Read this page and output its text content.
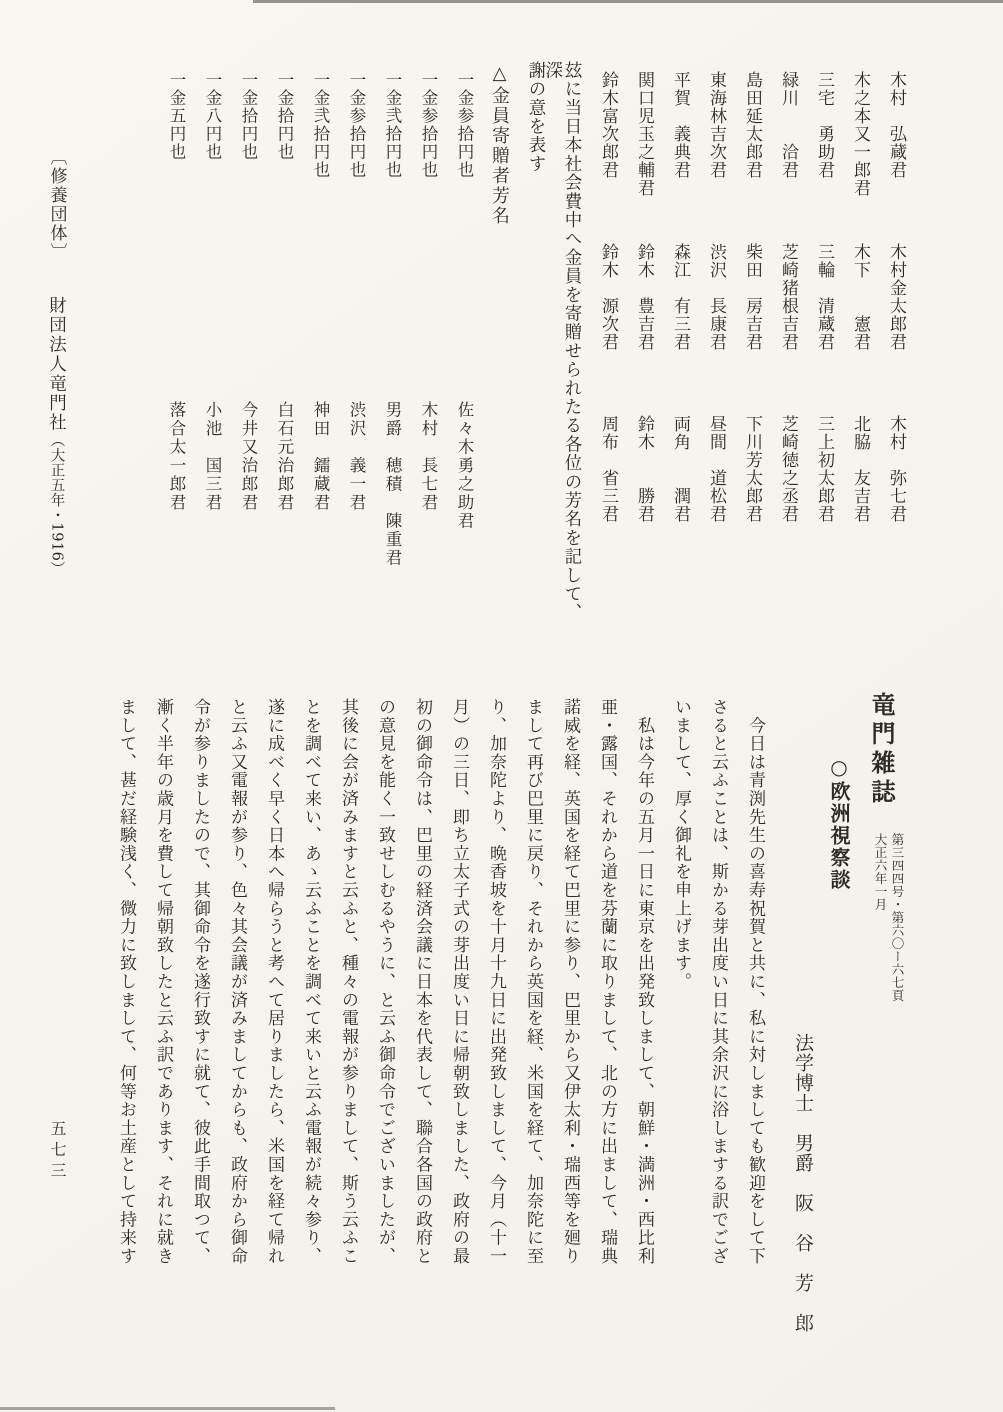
木村　弘蔵君木村金太郎君木村　弥七君
木之本又一郎君木下　　憲君北脇　友吉君
三宅　勇助君三輪　清蔵君三上初太郎君
緑川　　洽君芝崎猪根吉君芝崎徳之丞君
島田延太郎君柴田　房吉君下川芳太郎君
東海林吉次君渋沢　長康君昼間　道松君
平賀　義典君森江　有三君両角　　潤君
関口児玉之輔君鈴木　豊吉君鈴木　　勝君
鈴木富次郎君鈴木　源次君周布　省三君
玆に当日本社会費中へ金員を寄贈せられたる各位の芳名を記して、深
謝の意を表す
△金員寄贈者芳名
一金参拾円也佐々木勇之助君
一金参拾円也木村　長七君
一金弐拾円也男爵　穂積　陳重君
一金参拾円也渋沢　義一君
一金弐拾円也神田　鐳蔵君
一金拾円也白石元治郎君
一金拾円也今井又治郎君
一金八円也小池　国三君
一金五円也落合太一郎君
〔修養団体〕財団法人竜門社（大正五年・1916）
竜門雑誌
第三四四号・第六〇ー六七頁
大正六年一月
○欧洲視察談
法学博士　男爵　阪　谷　芳　郎
　今日は青渕先生の喜寿祝賀と共に、私に対しましても歓迎をして下
さると云ふことは、斯かる芽出度い日に其余沢に浴しまする訳でござ
いまして、厚く御礼を申上げます。
　私は今年の五月一日に東京を出発致しまして、朝鮮・満洲・西比利
亜・露国、それから道を芬蘭に取りまして、北の方に出まして、瑞典
諾威を経、英国を経て巴里に参り、巴里から又伊太利・瑞西等を廻り
まして再び巴里に戻り、それから英国を経、米国を経て、加奈陀に至
り、加奈陀より、晩香坡を十月十九日に出発致しまして、今月（十一
月）の三日、即ち立太子式の芽出度い日に帰朝致しました、政府の最
初の御命令は、巴里の経済会議に日本を代表して、聯合各国の政府と
の意見を能く一致せしむるやうに、と云ふ御命令でございましたが、
其後に会が済みますと云ふと、種々の電報が参りまして、斯う云ふこ
とを調べて来い、あゝ云ふことを調べて来いと云ふ電報が続々参り、
遂に成べく早く日本へ帰らうと考へて居りましたら、米国を経て帰れ
と云ふ又電報が参り、色々其会議が済みましてからも、政府から御命
令が参りましたので、其御命令を遂行致すに就て、彼此手間取つて、
漸く半年の歳月を費して帰朝致したと云ふ訳であります、それに就き
まして、甚だ経験浅く、微力に致しまして、何等お土産として持来す
五七三
